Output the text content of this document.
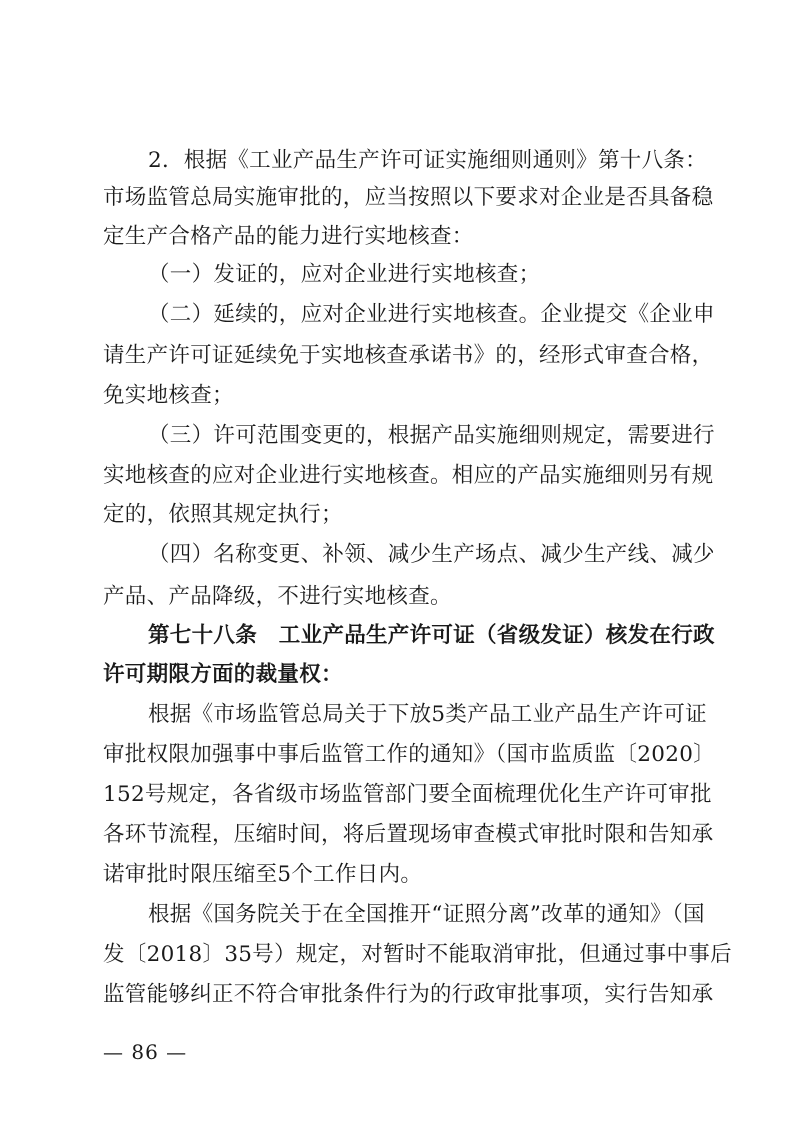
2．根据《工业产品生产许可证实施细则通则》第十八条：
市场监管总局实施审批的，应当按照以下要求对企业是否具备稳
定生产合格产品的能力进行实地核查：
（一）发证的，应对企业进行实地核查；
（二）延续的，应对企业进行实地核查。企业提交《企业申
请生产许可证延续免于实地核查承诺书》的，经形式审查合格，
免实地核查；
（三）许可范围变更的，根据产品实施细则规定，需要进行
实地核查的应对企业进行实地核查。相应的产品实施细则另有规
定的，依照其规定执行；
（四）名称变更、补领、减少生产场点、减少生产线、减少
产品、产品降级，不进行实地核查。
第七十八条　工业产品生产许可证（省级发证）核发在行政
许可期限方面的裁量权：
根据《市场监管总局关于下放5类产品工业产品生产许可证
审批权限加强事中事后监管工作的通知》（国市监质监〔2020〕
152号规定，各省级市场监管部门要全面梳理优化生产许可审批
各环节流程，压缩时间，将后置现场审查模式审批时限和告知承
诺审批时限压缩至5个工作日内。
根据《国务院关于在全国推开“证照分离”改革的通知》（国
发〔2018〕35号）规定，对暂时不能取消审批，但通过事中事后
监管能够纠正不符合审批条件行为的行政审批事项，实行告知承
— 86 —
